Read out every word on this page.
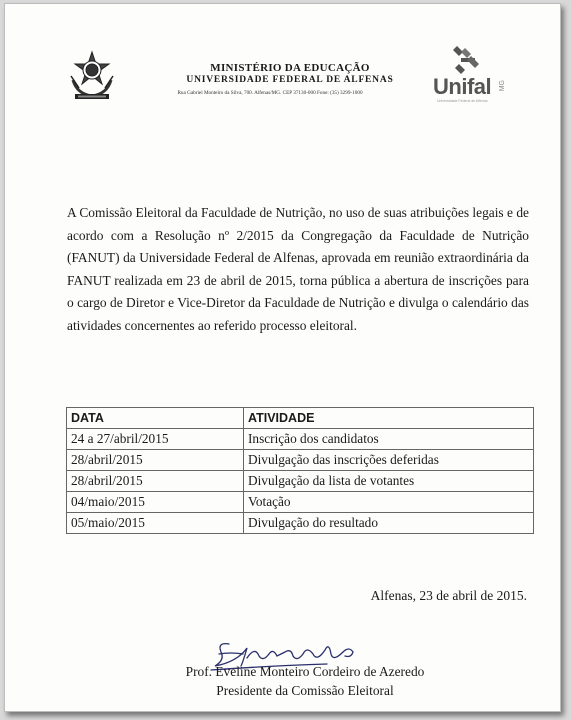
MINISTÉRIO DA EDUCAÇÃO
UNIVERSIDADE FEDERAL DE ALFENAS
Rua Gabriel Monteiro da Silva, 700. Alfenas/MG. CEP 37130-000 Fone: (35) 3299-1000	Unifal MG
Universidade Federal de Alfenas
A Comissão Eleitoral da Faculdade de Nutrição, no uso de suas atribuições legais e de acordo com a Resolução nº 2/2015 da Congregação da Faculdade de Nutrição (FANUT) da Universidade Federal de Alfenas, aprovada em reunião extraordinária da FANUT realizada em 23 de abril de 2015, torna pública a abertura de inscrições para o cargo de Diretor e Vice-Diretor da Faculdade de Nutrição e divulga o calendário das atividades concernentes ao referido processo eleitoral.
DATA	ATIVIDADE
24 a 27/abril/2015	Inscrição dos candidatos
28/abril/2015	Divulgação das inscrições deferidas
28/abril/2015	Divulgação da lista de votantes
04/maio/2015	Votação
05/maio/2015	Divulgação do resultado
Alfenas, 23 de abril de 2015.
Prof. Eveline Monteiro Cordeiro de Azeredo
Presidente da Comissão Eleitoral
